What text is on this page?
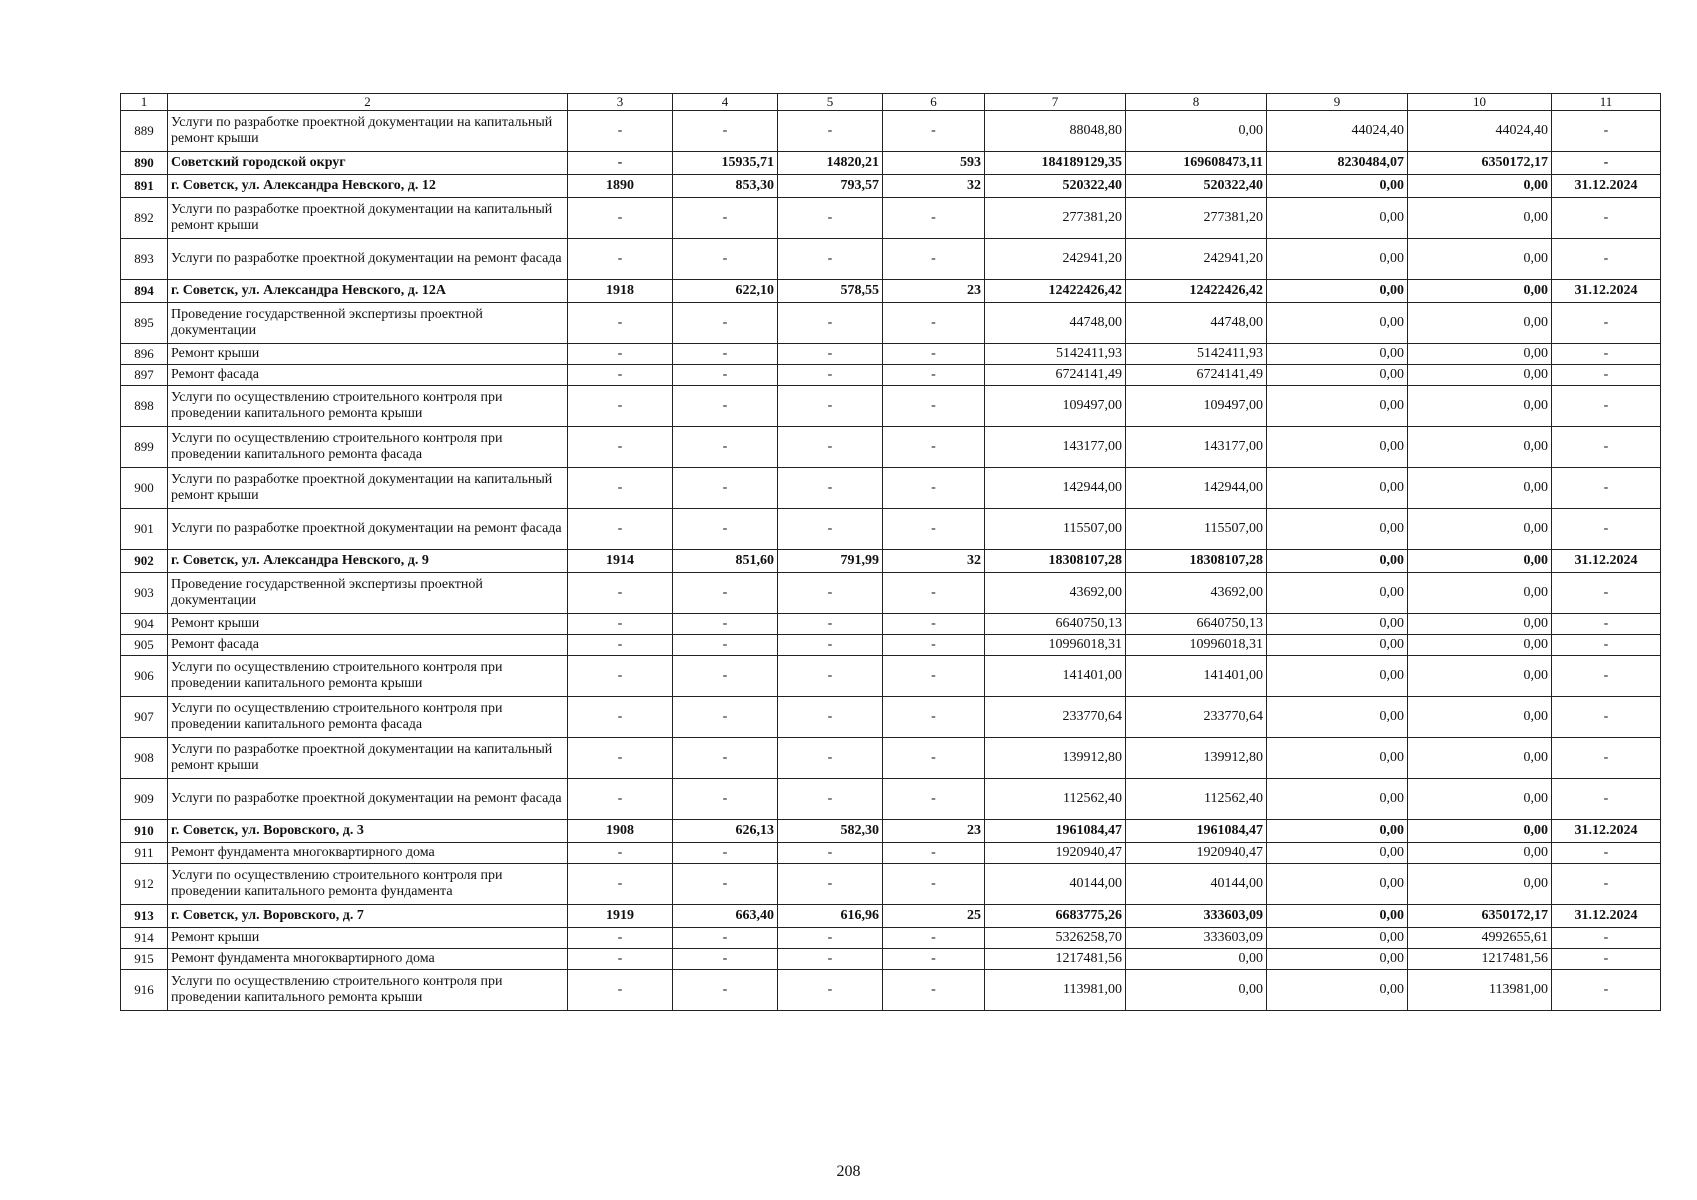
1	2	3	4	5	6	7	8	9	10	11
889	Услуги по разработке проектной документации на капитальный ремонт крыши	-	-	-	-	88048,80	0,00	44024,40	44024,40	-
890	Советский городской округ	-	15935,71	14820,21	593	184189129,35	169608473,11	8230484,07	6350172,17	-
891	г. Советск, ул. Александра Невского, д. 12	1890	853,30	793,57	32	520322,40	520322,40	0,00	0,00	31.12.2024
892	Услуги по разработке проектной документации на капитальный ремонт крыши	-	-	-	-	277381,20	277381,20	0,00	0,00	-
893	Услуги по разработке проектной документации на ремонт фасада	-	-	-	-	242941,20	242941,20	0,00	0,00	-
894	г. Советск, ул. Александра Невского, д. 12А	1918	622,10	578,55	23	12422426,42	12422426,42	0,00	0,00	31.12.2024
895	Проведение государственной экспертизы проектной документации	-	-	-	-	44748,00	44748,00	0,00	0,00	-
896	Ремонт крыши	-	-	-	-	5142411,93	5142411,93	0,00	0,00	-
897	Ремонт фасада	-	-	-	-	6724141,49	6724141,49	0,00	0,00	-
898	Услуги по осуществлению строительного контроля при проведении капитального ремонта крыши	-	-	-	-	109497,00	109497,00	0,00	0,00	-
899	Услуги по осуществлению строительного контроля при проведении капитального ремонта фасада	-	-	-	-	143177,00	143177,00	0,00	0,00	-
900	Услуги по разработке проектной документации на капитальный ремонт крыши	-	-	-	-	142944,00	142944,00	0,00	0,00	-
901	Услуги по разработке проектной документации на ремонт фасада	-	-	-	-	115507,00	115507,00	0,00	0,00	-
902	г. Советск, ул. Александра Невского, д. 9	1914	851,60	791,99	32	18308107,28	18308107,28	0,00	0,00	31.12.2024
903	Проведение государственной экспертизы проектной документации	-	-	-	-	43692,00	43692,00	0,00	0,00	-
904	Ремонт крыши	-	-	-	-	6640750,13	6640750,13	0,00	0,00	-
905	Ремонт фасада	-	-	-	-	10996018,31	10996018,31	0,00	0,00	-
906	Услуги по осуществлению строительного контроля при проведении капитального ремонта крыши	-	-	-	-	141401,00	141401,00	0,00	0,00	-
907	Услуги по осуществлению строительного контроля при проведении капитального ремонта фасада	-	-	-	-	233770,64	233770,64	0,00	0,00	-
908	Услуги по разработке проектной документации на капитальный ремонт крыши	-	-	-	-	139912,80	139912,80	0,00	0,00	-
909	Услуги по разработке проектной документации на ремонт фасада	-	-	-	-	112562,40	112562,40	0,00	0,00	-
910	г. Советск, ул. Воровского, д. 3	1908	626,13	582,30	23	1961084,47	1961084,47	0,00	0,00	31.12.2024
911	Ремонт фундамента многоквартирного дома	-	-	-	-	1920940,47	1920940,47	0,00	0,00	-
912	Услуги по осуществлению строительного контроля при проведении капитального ремонта фундамента	-	-	-	-	40144,00	40144,00	0,00	0,00	-
913	г. Советск, ул. Воровского, д. 7	1919	663,40	616,96	25	6683775,26	333603,09	0,00	6350172,17	31.12.2024
914	Ремонт крыши	-	-	-	-	5326258,70	333603,09	0,00	4992655,61	-
915	Ремонт фундамента многоквартирного дома	-	-	-	-	1217481,56	0,00	0,00	1217481,56	-
916	Услуги по осуществлению строительного контроля при проведении капитального ремонта крыши	-	-	-	-	113981,00	0,00	0,00	113981,00	-
208
